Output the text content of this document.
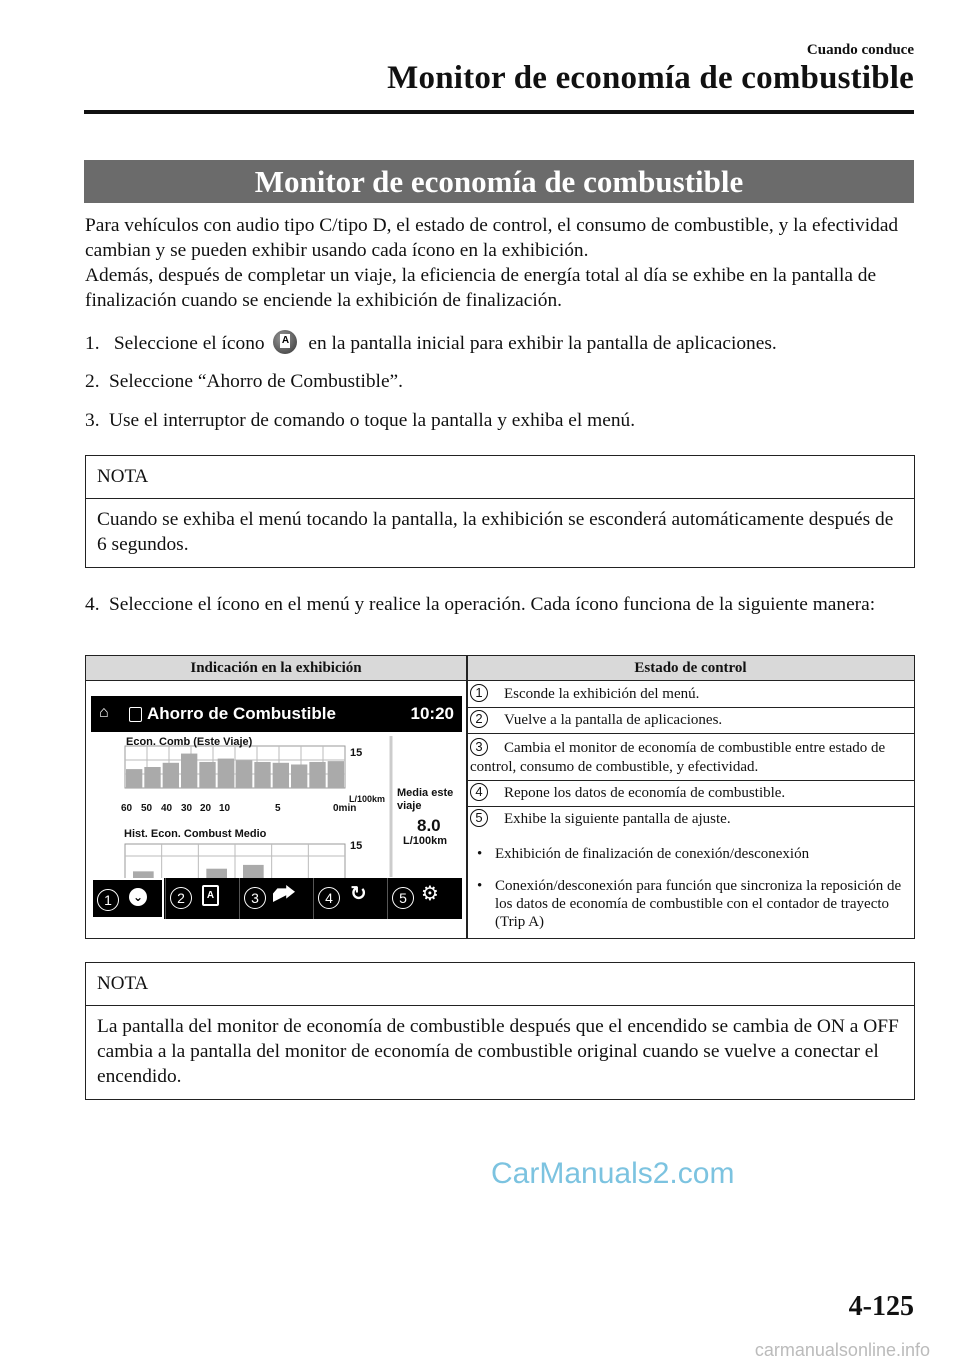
Cuando conduce
Monitor de economía de combustible
Monitor de economía de combustible
Para vehículos con audio tipo C/tipo D, el estado de control, el consumo de combustible, y la efectividad cambian y se pueden exhibir usando cada ícono en la exhibición.
Además, después de completar un viaje, la eficiencia de energía total al día se exhibe en la pantalla de finalización cuando se enciende la exhibición de finalización.
1. Seleccione el ícono A en la pantalla inicial para exhibir la pantalla de aplicaciones.
2. Seleccione “Ahorro de Combustible”.
3. Use el interruptor de comando o toque la pantalla y exhiba el menú.
NOTA
Cuando se exhiba el menú tocando la pantalla, la exhibición se esconderá automáticamente después de 6 segundos.
4. Seleccione el ícono en el menú y realice la operación. Cada ícono funciona de la siguiente manera:
Indicación en la exhibición	Estado de control
1 Esconde la exhibición del menú.
2 Vuelve a la pantalla de aplicaciones.
3 Cambia el monitor de economía de combustible entre estado de control, consumo de combustible, y efectividad.
4 Repone los datos de economía de combustible.
5 Exhibe la siguiente pantalla de ajuste.
• Exhibición de finalización de conexión/desconexión
• Conexión/desconexión para función que sincroniza la reposición de los datos de economía de combustible con el contador de trayecto (Trip A)
⌂ Ahorro de Combustible	10:20
Econ. Comb (Este Viaje)
15
L/100km
60 50 40 30 20 10	5	0min
Hist. Econ. Combust Medio
15
Media este
viaje
8.0
L/100km
1	⌄	2	A	3	4 ↻	5 ⚙
NOTA
La pantalla del monitor de economía de combustible después que el encendido se cambia de ON a OFF cambia a la pantalla del monitor de economía de combustible original cuando se vuelve a conectar el encendido.
CarManuals2.com
4-125
carmanualsonline.info
